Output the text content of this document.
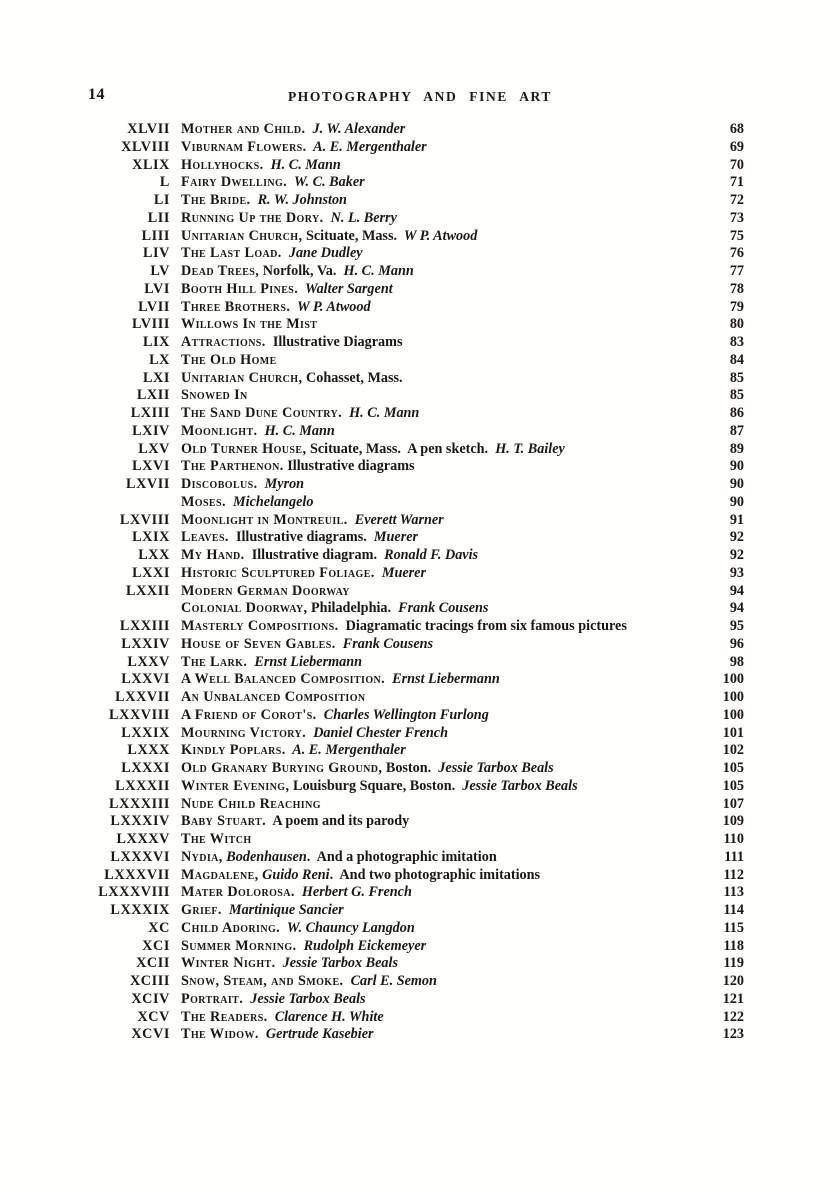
14	PHOTOGRAPHY AND FINE ART
XLVII Mother and Child.  J. W. Alexander	68
XLVIII Viburnam Flowers.  A. E. Mergenthaler	69
XLIX Hollyhocks.  H. C. Mann	70
L Fairy Dwelling.  W. C. Baker	71
LI The Bride.  R. W. Johnston	72
LII Running Up the Dory.  N. L. Berry	73
LIII Unitarian Church, Scituate, Mass.  W P. Atwood	75
LIV The Last Load.  Jane Dudley	76
LV Dead Trees, Norfolk, Va.  H. C. Mann	77
LVI Booth Hill Pines.  Walter Sargent	78
LVII Three Brothers.  W P. Atwood	79
LVIII Willows In the Mist	80
LIX Attractions.  Illustrative Diagrams	83
LX The Old Home	84
LXI Unitarian Church, Cohasset, Mass.	85
LXII Snowed In	85
LXIII The Sand Dune Country.  H. C. Mann	86
LXIV Moonlight.  H. C. Mann	87
LXV Old Turner House, Scituate, Mass.  A pen sketch.  H. T. Bailey	89
LXVI The Parthenon. Illustrative diagrams	90
LXVII Discobolus.  Myron	90
Moses.  Michelangelo	90
LXVIII Moonlight in Montreuil.  Everett Warner	91
LXIX Leaves.  Illustrative diagrams.  Muerer	92
LXX My Hand.  Illustrative diagram.  Ronald F. Davis	92
LXXI Historic Sculptured Foliage.  Muerer	93
LXXII Modern German Doorway	94
Colonial Doorway, Philadelphia.  Frank Cousens	94
LXXIII Masterly Compositions.  Diagramatic tracings from six famous pictures	95
LXXIV House of Seven Gables.  Frank Cousens	96
LXXV The Lark.  Ernst Liebermann	98
LXXVI A Well Balanced Composition.  Ernst Liebermann	100
LXXVII An Unbalanced Composition	100
LXXVIII A Friend of Corot's.  Charles Wellington Furlong	100
LXXIX Mourning Victory.  Daniel Chester French	101
LXXX Kindly Poplars.  A. E. Mergenthaler	102
LXXXI Old Granary Burying Ground, Boston.  Jessie Tarbox Beals	105
LXXXII Winter Evening, Louisburg Square, Boston.  Jessie Tarbox Beals	105
LXXXIII Nude Child Reaching	107
LXXXIV Baby Stuart.  A poem and its parody	109
LXXXV The Witch	110
LXXXVI Nydia, Bodenhausen.  And a photographic imitation	111
LXXXVII Magdalene, Guido Reni.  And two photographic imitations	112
LXXXVIII Mater Dolorosa.  Herbert G. French	113
LXXXIX Grief.  Martinique Sancier	114
XC Child Adoring.  W. Chauncy Langdon	115
XCI Summer Morning.  Rudolph Eickemeyer	118
XCII Winter Night.  Jessie Tarbox Beals	119
XCIII Snow, Steam, and Smoke.  Carl E. Semon	120
XCIV Portrait.  Jessie Tarbox Beals	121
XCV The Readers.  Clarence H. White	122
XCVI The Widow.  Gertrude Kasebier	123
